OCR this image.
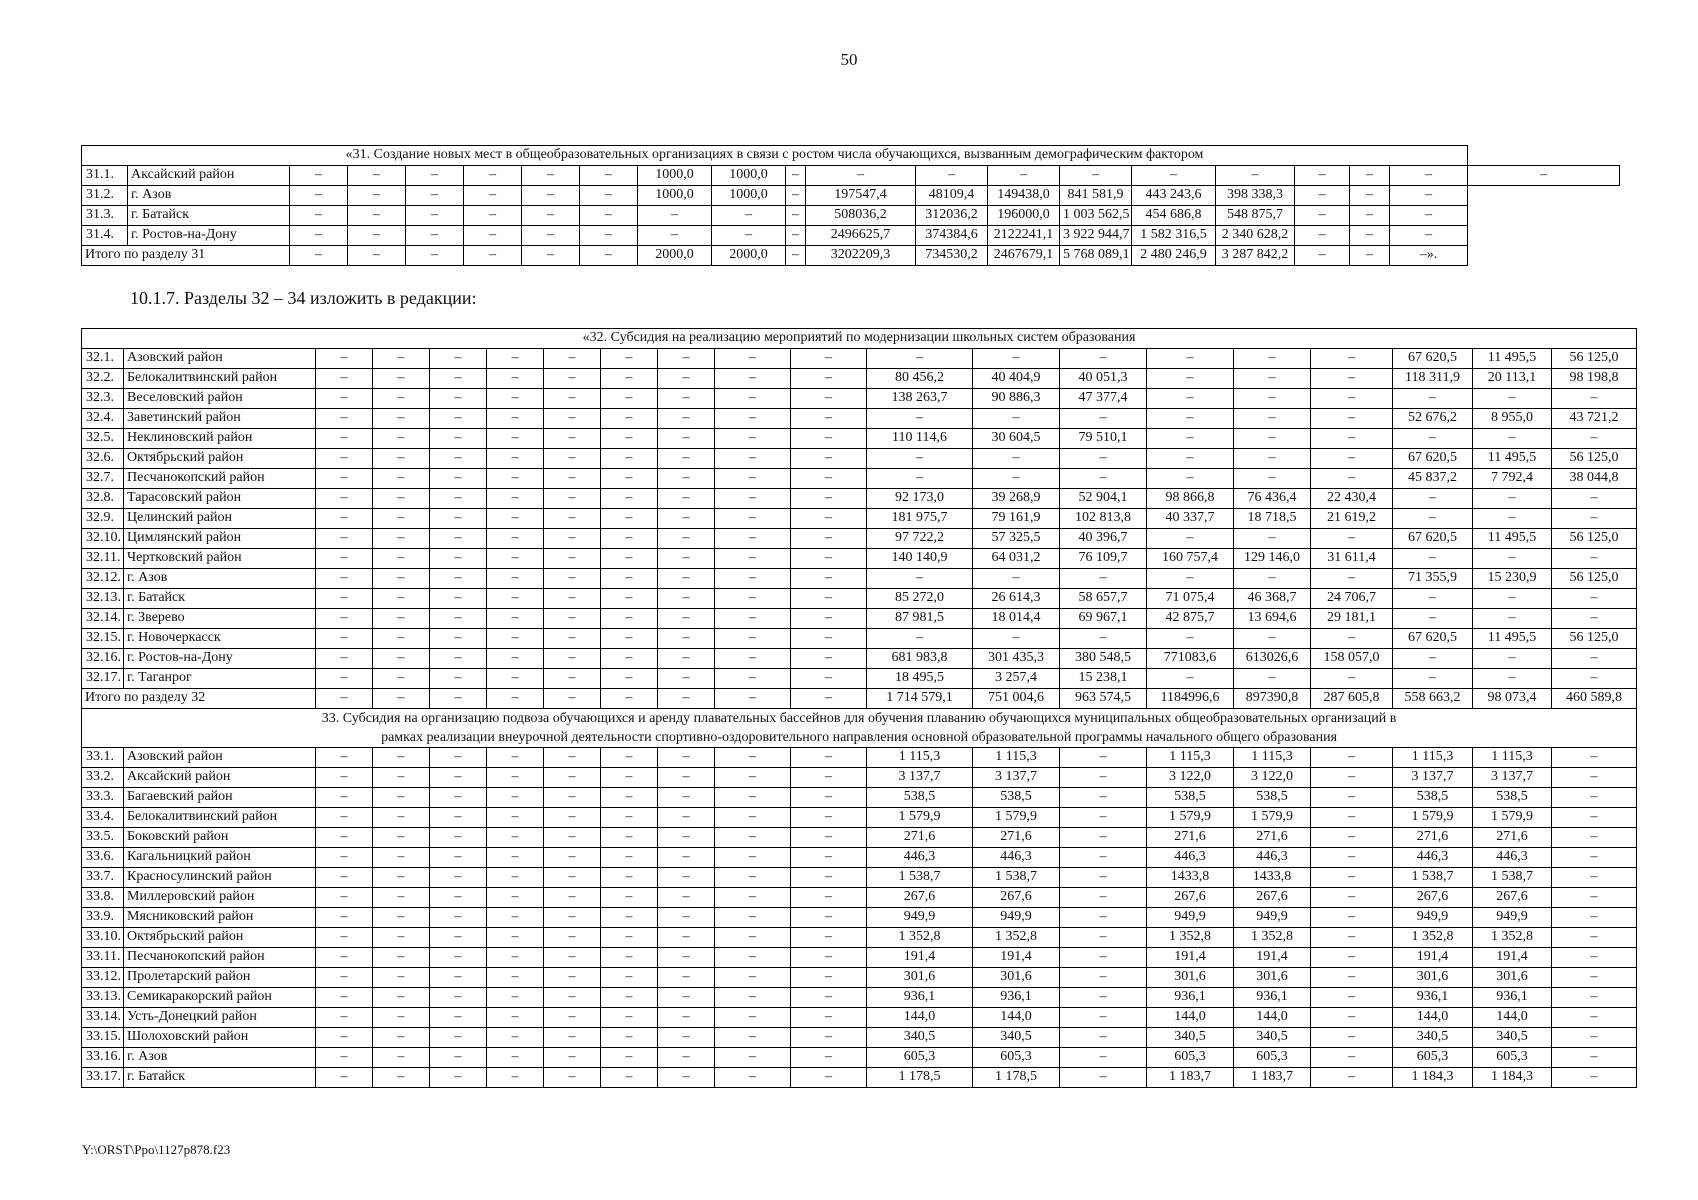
50
«31. Создание новых мест в общеобразовательных организациях в связи с ростом числа обучающихся, вызванным демографическим фактором																				
31.1.	Аксайский район	–	–	–	–	–	–	1000,0	1000,0	–	–	–	–	–	–	–	–	–	–	–
31.2.	г. Азов	–	–	–	–	–	–	1000,0	1000,0	–	197547,4	48109,4	149438,0	841 581,9	443 243,6	398 338,3	–	–	–	
31.3.	г. Батайск	–	–	–	–	–	–	–	–	–	508036,2	312036,2	196000,0	1 003 562,5	454 686,8	548 875,7	–	–	–	
31.4.	г. Ростов-на-Дону	–	–	–	–	–	–	–	–	–	2496625,7	374384,6	2122241,1	3 922 944,7	1 582 316,5	2 340 628,2	–	–	–	
Итого по разделу 31		–	–	–	–	–	–	2000,0	2000,0	–	3202209,3	734530,2	2467679,1	5 768 089,1	2 480 246,9	3 287 842,2	–	–	–».	
10.1.7. Разделы 32 – 34 изложить в редакции:
«32. Субсидия на реализацию мероприятий по модернизации школьных систем образования																			
32.1.	Азовский район	–	–	–	–	–	–	–	–	–	–	–	–	–	–	–	67 620,5	11 495,5	56 125,0
32.2.	Белокалитвинский район	–	–	–	–	–	–	–	–	–	80 456,2	40 404,9	40 051,3	–	–	–	118 311,9	20 113,1	98 198,8
32.3.	Веселовский район	–	–	–	–	–	–	–	–	–	138 263,7	90 886,3	47 377,4	–	–	–	–	–	–
32.4.	Заветинский район	–	–	–	–	–	–	–	–	–	–	–	–	–	–	–	52 676,2	8 955,0	43 721,2
32.5.	Неклиновский район	–	–	–	–	–	–	–	–	–	110 114,6	30 604,5	79 510,1	–	–	–	–	–	–
32.6.	Октябрьский район	–	–	–	–	–	–	–	–	–	–	–	–	–	–	–	67 620,5	11 495,5	56 125,0
32.7.	Песчанокопский район	–	–	–	–	–	–	–	–	–	–	–	–	–	–	–	45 837,2	7 792,4	38 044,8
32.8.	Тарасовский район	–	–	–	–	–	–	–	–	–	92 173,0	39 268,9	52 904,1	98 866,8	76 436,4	22 430,4	–	–	–
32.9.	Целинский район	–	–	–	–	–	–	–	–	–	181 975,7	79 161,9	102 813,8	40 337,7	18 718,5	21 619,2	–	–	–
32.10.	Цимлянский район	–	–	–	–	–	–	–	–	–	97 722,2	57 325,5	40 396,7	–	–	–	67 620,5	11 495,5	56 125,0
32.11.	Чертковский район	–	–	–	–	–	–	–	–	–	140 140,9	64 031,2	76 109,7	160 757,4	129 146,0	31 611,4	–	–	–
32.12.	г. Азов	–	–	–	–	–	–	–	–	–	–	–	–	–	–	–	71 355,9	15 230,9	56 125,0
32.13.	г. Батайск	–	–	–	–	–	–	–	–	–	85 272,0	26 614,3	58 657,7	71 075,4	46 368,7	24 706,7	–	–	–
32.14.	г. Зверево	–	–	–	–	–	–	–	–	–	87 981,5	18 014,4	69 967,1	42 875,7	13 694,6	29 181,1	–	–	–
32.15.	г. Новочеркасск	–	–	–	–	–	–	–	–	–	–	–	–	–	–	–	67 620,5	11 495,5	56 125,0
32.16.	г. Ростов-на-Дону	–	–	–	–	–	–	–	–	–	681 983,8	301 435,3	380 548,5	771083,6	613026,6	158 057,0	–	–	–
32.17.	г. Таганрог	–	–	–	–	–	–	–	–	–	18 495,5	3 257,4	15 238,1	–	–	–	–	–	–
Итого по разделу 32		–	–	–	–	–	–	–	–	–	1 714 579,1	751 004,6	963 574,5	1184996,6	897390,8	287 605,8	558 663,2	98 073,4	460 589,8
33. Субсидия на организацию подвоза обучающихся и аренду плавательных бассейнов для обучения плаванию обучающихся муниципальных общеобразовательных организаций в рамках реализации внеурочной деятельности спортивно-оздоровительного направления основной образовательной программы начального общего образования																			
33.1.	Азовский район	–	–	–	–	–	–	–	–	–	1 115,3	1 115,3	–	1 115,3	1 115,3	–	1 115,3	1 115,3	–
33.2.	Аксайский район	–	–	–	–	–	–	–	–	–	3 137,7	3 137,7	–	3 122,0	3 122,0	–	3 137,7	3 137,7	–
33.3.	Багаевский район	–	–	–	–	–	–	–	–	–	538,5	538,5	–	538,5	538,5	–	538,5	538,5	–
33.4.	Белокалитвинский район	–	–	–	–	–	–	–	–	–	1 579,9	1 579,9	–	1 579,9	1 579,9	–	1 579,9	1 579,9	–
33.5.	Боковский район	–	–	–	–	–	–	–	–	–	271,6	271,6	–	271,6	271,6	–	271,6	271,6	–
33.6.	Кагальницкий район	–	–	–	–	–	–	–	–	–	446,3	446,3	–	446,3	446,3	–	446,3	446,3	–
33.7.	Красносулинский район	–	–	–	–	–	–	–	–	–	1 538,7	1 538,7	–	1433,8	1433,8	–	1 538,7	1 538,7	–
33.8.	Миллеровский район	–	–	–	–	–	–	–	–	–	267,6	267,6	–	267,6	267,6	–	267,6	267,6	–
33.9.	Мясниковский район	–	–	–	–	–	–	–	–	–	949,9	949,9	–	949,9	949,9	–	949,9	949,9	–
33.10.	Октябрьский район	–	–	–	–	–	–	–	–	–	1 352,8	1 352,8	–	1 352,8	1 352,8	–	1 352,8	1 352,8	–
33.11.	Песчанокопский район	–	–	–	–	–	–	–	–	–	191,4	191,4	–	191,4	191,4	–	191,4	191,4	–
33.12.	Пролетарский район	–	–	–	–	–	–	–	–	–	301,6	301,6	–	301,6	301,6	–	301,6	301,6	–
33.13.	Семикаракорский район	–	–	–	–	–	–	–	–	–	936,1	936,1	–	936,1	936,1	–	936,1	936,1	–
33.14.	Усть-Донецкий район	–	–	–	–	–	–	–	–	–	144,0	144,0	–	144,0	144,0	–	144,0	144,0	–
33.15.	Шолоховский район	–	–	–	–	–	–	–	–	–	340,5	340,5	–	340,5	340,5	–	340,5	340,5	–
33.16.	г. Азов	–	–	–	–	–	–	–	–	–	605,3	605,3	–	605,3	605,3	–	605,3	605,3	–
33.17.	г. Батайск	–	–	–	–	–	–	–	–	–	1 178,5	1 178,5	–	1 183,7	1 183,7	–	1 184,3	1 184,3	–
Y:\ORST\Ppo\1127p878.f23
